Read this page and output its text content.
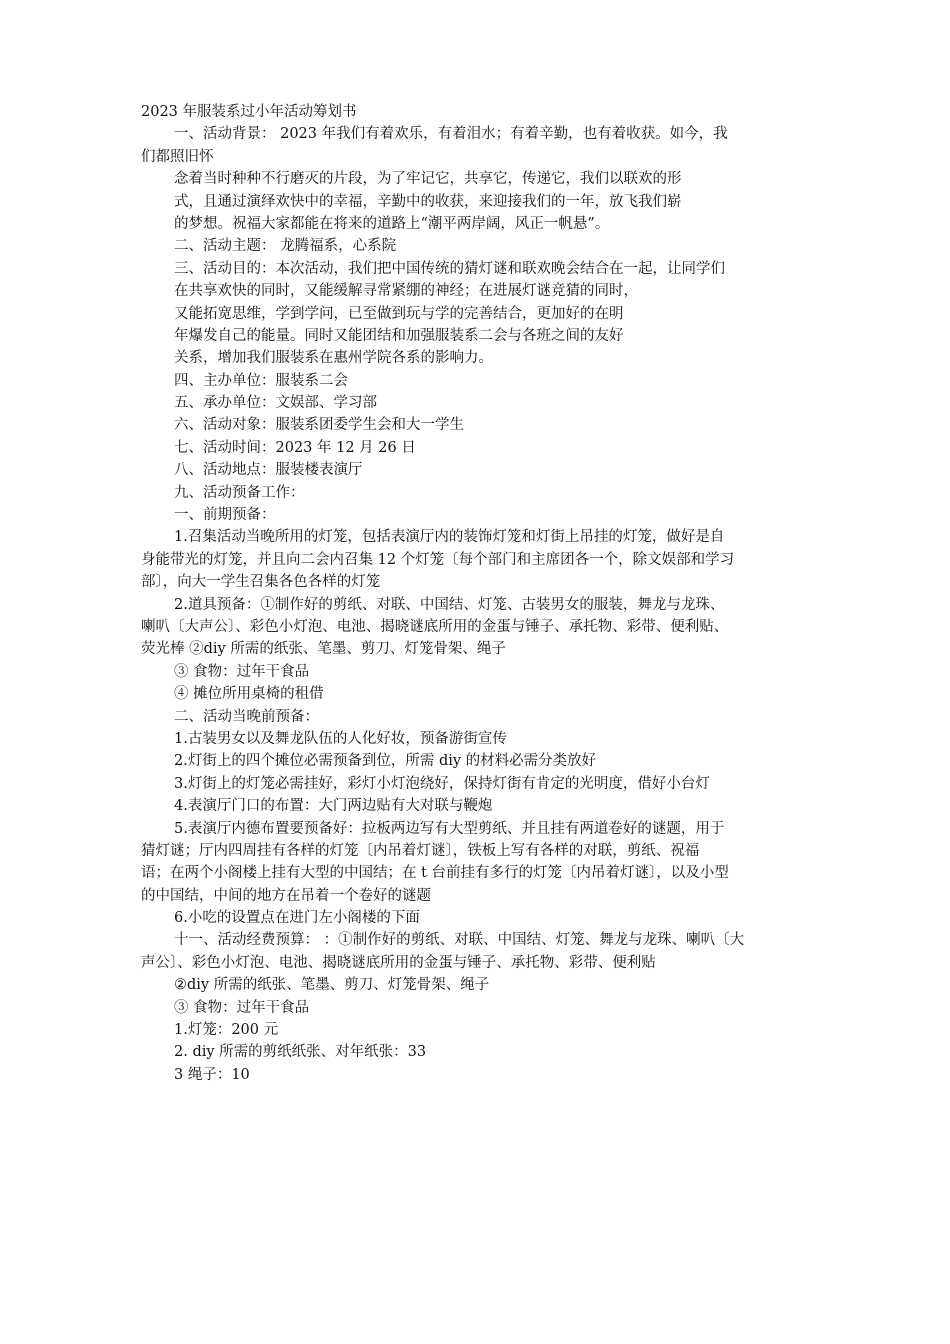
2023 年服装系过小年活动筹划书
一、活动背景： 2023 年我们有着欢乐，有着泪水；有着辛勤，也有着收获。如今，我
们都照旧怀
念着当时种种不行磨灭的片段，为了牢记它，共享它，传递它，我们以联欢的形
式，且通过演绎欢快中的幸福，辛勤中的收获，来迎接我们的一年，放飞我们崭
的梦想。祝福大家都能在将来的道路上“潮平两岸阔，风正一帆悬”。
二、活动主题： 龙腾福系，心系院
三、活动目的：本次活动，我们把中国传统的猜灯谜和联欢晚会结合在一起，让同学们
在共享欢快的同时，又能缓解寻常紧绷的神经；在进展灯谜竞猜的同时，
又能拓宽思维，学到学问，已至做到玩与学的完善结合，更加好的在明
年爆发自己的能量。同时又能团结和加强服装系二会与各班之间的友好
关系，增加我们服装系在惠州学院各系的影响力。
四、主办单位：服装系二会
五、承办单位：文娱部、学习部
六、活动对象：服装系团委学生会和大一学生
七、活动时间：2023 年 12 月 26 日
八、活动地点：服装楼表演厅
九、活动预备工作：
一、前期预备：
1.召集活动当晚所用的灯笼，包括表演厅内的装饰灯笼和灯街上吊挂的灯笼，做好是自
身能带光的灯笼，并且向二会内召集 12 个灯笼〔每个部门和主席团各一个，除文娱部和学习
部〕，向大一学生召集各色各样的灯笼
2.道具预备：①制作好的剪纸、对联、中国结、灯笼、古装男女的服装，舞龙与龙珠、
喇叭〔大声公〕、彩色小灯泡、电池、揭晓谜底所用的金蛋与锤子、承托物、彩带、便利贴、
荧光棒 ②diy 所需的纸张、笔墨、剪刀、灯笼骨架、绳子
③ 食物：过年干食品
④ 摊位所用桌椅的租借
二、活动当晚前预备：
1.古装男女以及舞龙队伍的人化好妆，预备游街宣传
2.灯街上的四个摊位必需预备到位，所需 diy 的材料必需分类放好
3.灯街上的灯笼必需挂好，彩灯小灯泡绕好，保持灯街有肯定的光明度，借好小台灯
4.表演厅门口的布置：大门两边贴有大对联与鞭炮
5.表演厅内德布置要预备好：拉板两边写有大型剪纸、并且挂有两道卷好的谜题，用于
猜灯谜；厅内四周挂有各样的灯笼〔内吊着灯谜〕，铁板上写有各样的对联，剪纸、祝福
语；在两个小阁楼上挂有大型的中国结；在 t 台前挂有多行的灯笼〔内吊着灯谜〕，以及小型
的中国结，中间的地方在吊着一个卷好的谜题
6.小吃的设置点在进门左小阁楼的下面
十一、活动经费预算： ：①制作好的剪纸、对联、中国结、灯笼、舞龙与龙珠、喇叭〔大
声公〕、彩色小灯泡、电池、揭晓谜底所用的金蛋与锤子、承托物、彩带、便利贴
②diy 所需的纸张、笔墨、剪刀、灯笼骨架、绳子
③ 食物：过年干食品
1.灯笼：200 元
2. diy 所需的剪纸纸张、对年纸张：33
3 绳子：10
